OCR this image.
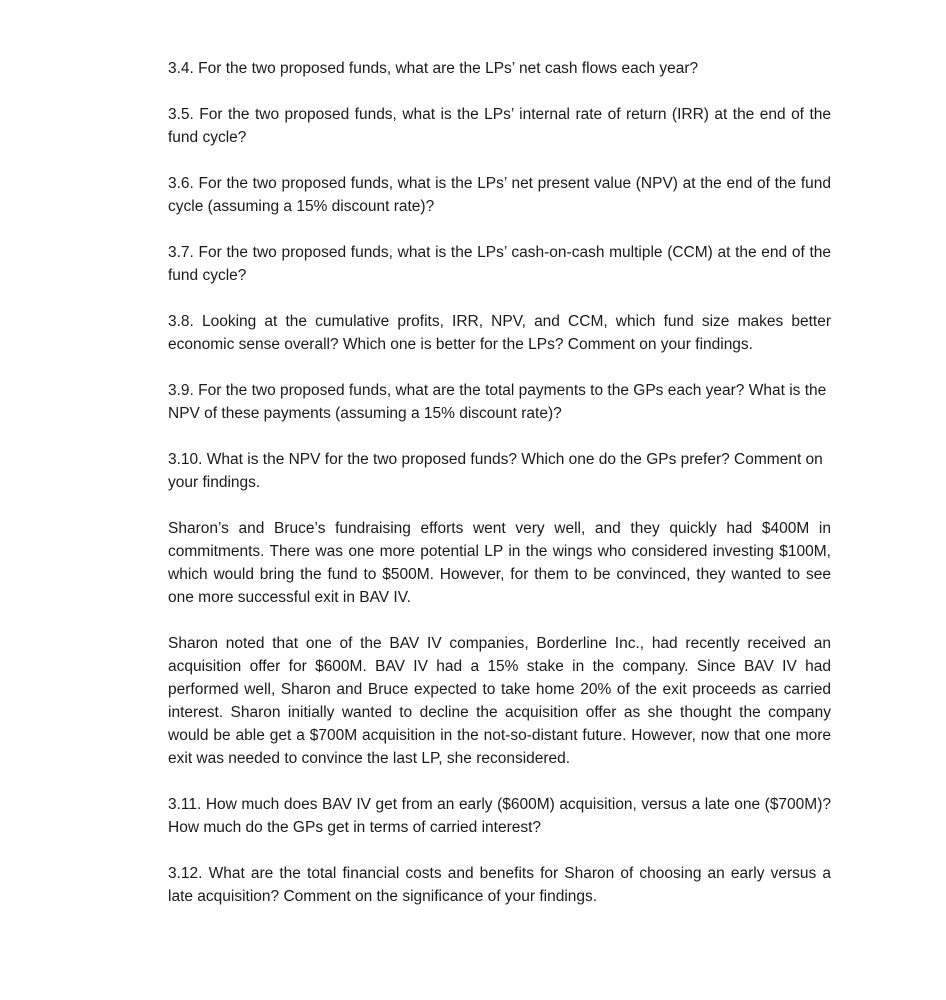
3.4. For the two proposed funds, what are the LPs’ net cash flows each year?

3.5. For the two proposed funds, what is the LPs’ internal rate of return (IRR) at the end of the fund cycle?

3.6. For the two proposed funds, what is the LPs’ net present value (NPV) at the end of the fund cycle (assuming a 15% discount rate)?

3.7. For the two proposed funds, what is the LPs’ cash-on-cash multiple (CCM) at the end of the fund cycle?

3.8. Looking at the cumulative profits, IRR, NPV, and CCM, which fund size makes better economic sense overall? Which one is better for the LPs? Comment on your findings.

3.9. For the two proposed funds, what are the total payments to the GPs each year? What is the NPV of these payments (assuming a 15% discount rate)?

3.10. What is the NPV for the two proposed funds? Which one do the GPs prefer? Comment on your findings.

Sharon’s and Bruce’s fundraising efforts went very well, and they quickly had $400M in commitments. There was one more potential LP in the wings who considered investing $100M, which would bring the fund to $500M. However, for them to be convinced, they wanted to see one more successful exit in BAV IV.

Sharon noted that one of the BAV IV companies, Borderline Inc., had recently received an acquisition offer for $600M. BAV IV had a 15% stake in the company. Since BAV IV had performed well, Sharon and Bruce expected to take home 20% of the exit proceeds as carried interest. Sharon initially wanted to decline the acquisition offer as she thought the company would be able get a $700M acquisition in the not-so-distant future. However, now that one more exit was needed to convince the last LP, she reconsidered.

3.11. How much does BAV IV get from an early ($600M) acquisition, versus a late one ($700M)? How much do the GPs get in terms of carried interest?

3.12. What are the total financial costs and benefits for Sharon of choosing an early versus a late acquisition? Comment on the significance of your findings.
